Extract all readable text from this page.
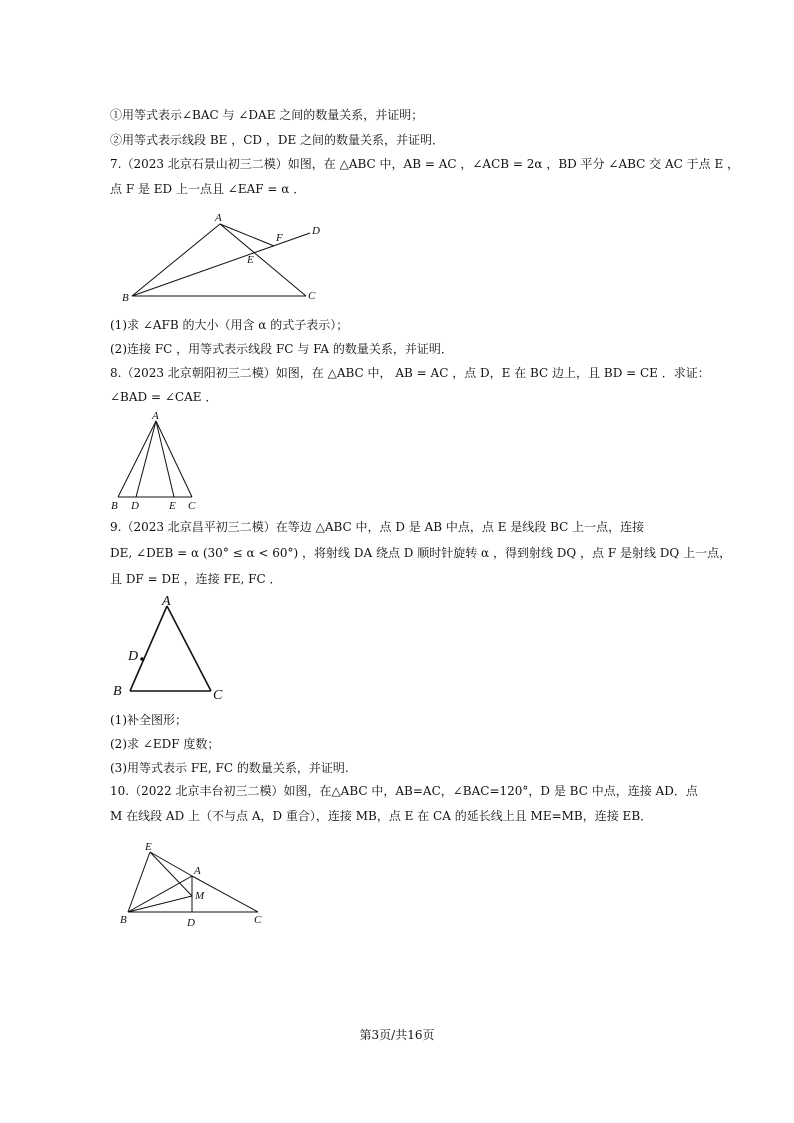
①用等式表示∠BAC 与 ∠DAE 之间的数量关系，并证明；
②用等式表示线段 BE ，CD ，DE 之间的数量关系，并证明．
7.（2023 北京石景山初三二模）如图，在 △ABC 中，AB = AC ，∠ACB = 2α ，BD 平分 ∠ABC 交 AC 于点 E ，
点 F 是 ED 上一点且 ∠EAF = α ．
A
B	C
D
E
F
(1)求 ∠AFB 的大小（用含 α 的式子表示）；
(2)连接 FC ，用等式表示线段 FC 与 FA 的数量关系，并证明．
8.（2023 北京朝阳初三二模）如图，在 △ABC 中， AB = AC ，点 D，E 在 BC 边上，且 BD = CE ．求证：
∠BAD = ∠CAE ．
A
B D	E C
9.（2023 北京昌平初三二模）在等边 △ABC 中，点 D 是 AB 中点，点 E 是线段 BC 上一点，连接
DE, ∠DEB = α (30° ≤ α < 60°) ，将射线 DA 绕点 D 顺时针旋转 α ，得到射线 DQ ，点 F 是射线 DQ 上一点，
且 DF = DE ，连接 FE, FC ．
A
D
B	C
(1)补全图形；
(2)求 ∠EDF 度数；
(3)用等式表示 FE, FC 的数量关系，并证明.
10.（2022 北京丰台初三二模）如图，在△ABC 中，AB=AC，∠BAC=120°，D 是 BC 中点，连接 AD．点
M 在线段 AD 上（不与点 A，D 重合），连接 MB，点 E 在 CA 的延长线上且 ME=MB，连接 EB．
E
A
M
B	D	C
第3页/共16页
